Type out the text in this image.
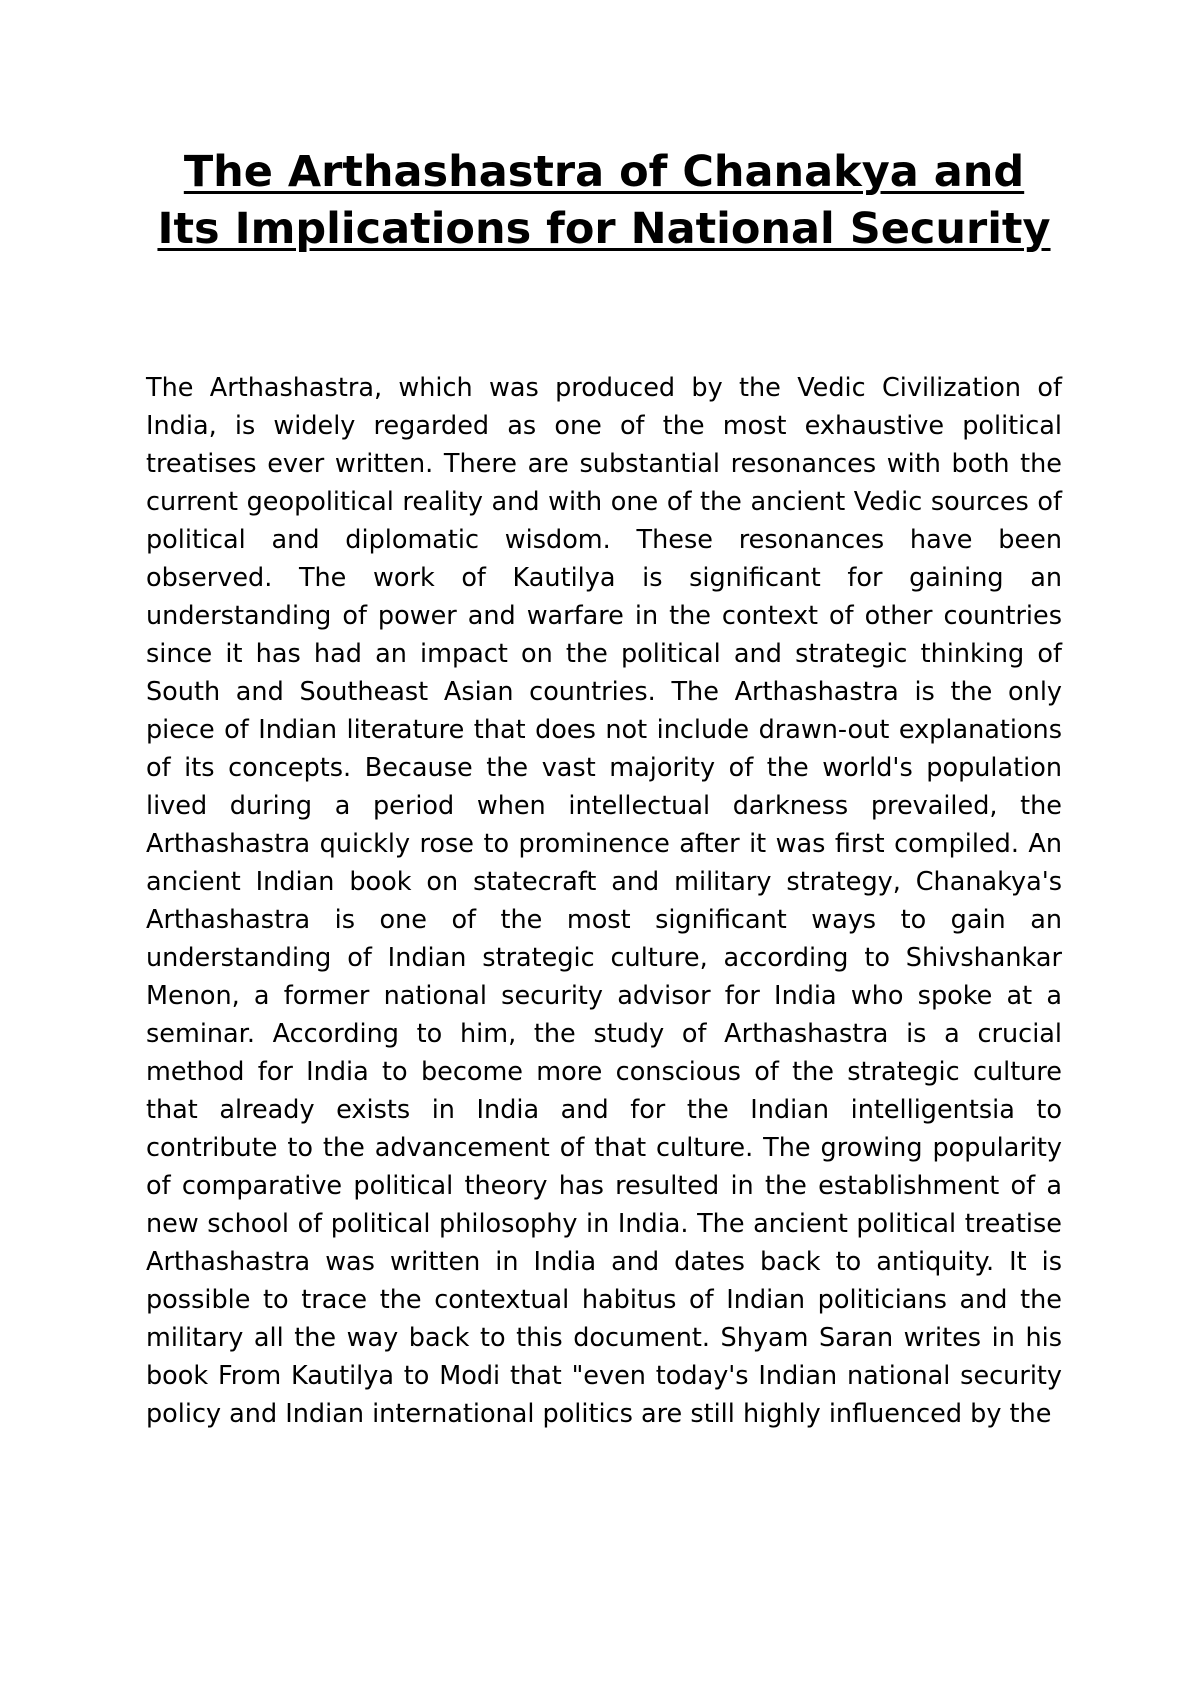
The Arthashastra of Chanakya and Its Implications for National Security

The Arthashastra, which was produced by the Vedic Civilization of India, is widely regarded as one of the most exhaustive political treatises ever written. There are substantial resonances with both the current geopolitical reality and with one of the ancient Vedic sources of political and diplomatic wisdom. These resonances have been observed. The work of Kautilya is significant for gaining an understanding of power and warfare in the context of other countries since it has had an impact on the political and strategic thinking of South and Southeast Asian countries. The Arthashastra is the only piece of Indian literature that does not include drawn-out explanations of its concepts. Because the vast majority of the world's population lived during a period when intellectual darkness prevailed, the Arthashastra quickly rose to prominence after it was first compiled. An ancient Indian book on statecraft and military strategy, Chanakya's Arthashastra is one of the most significant ways to gain an understanding of Indian strategic culture, according to Shivshankar Menon, a former national security advisor for India who spoke at a seminar. According to him, the study of Arthashastra is a crucial method for India to become more conscious of the strategic culture that already exists in India and for the Indian intelligentsia to contribute to the advancement of that culture. The growing popularity of comparative political theory has resulted in the establishment of a new school of political philosophy in India. The ancient political treatise Arthashastra was written in India and dates back to antiquity. It is possible to trace the contextual habitus of Indian politicians and the military all the way back to this document. Shyam Saran writes in his book From Kautilya to Modi that "even today's Indian national security policy and Indian international politics are still highly influenced by the
